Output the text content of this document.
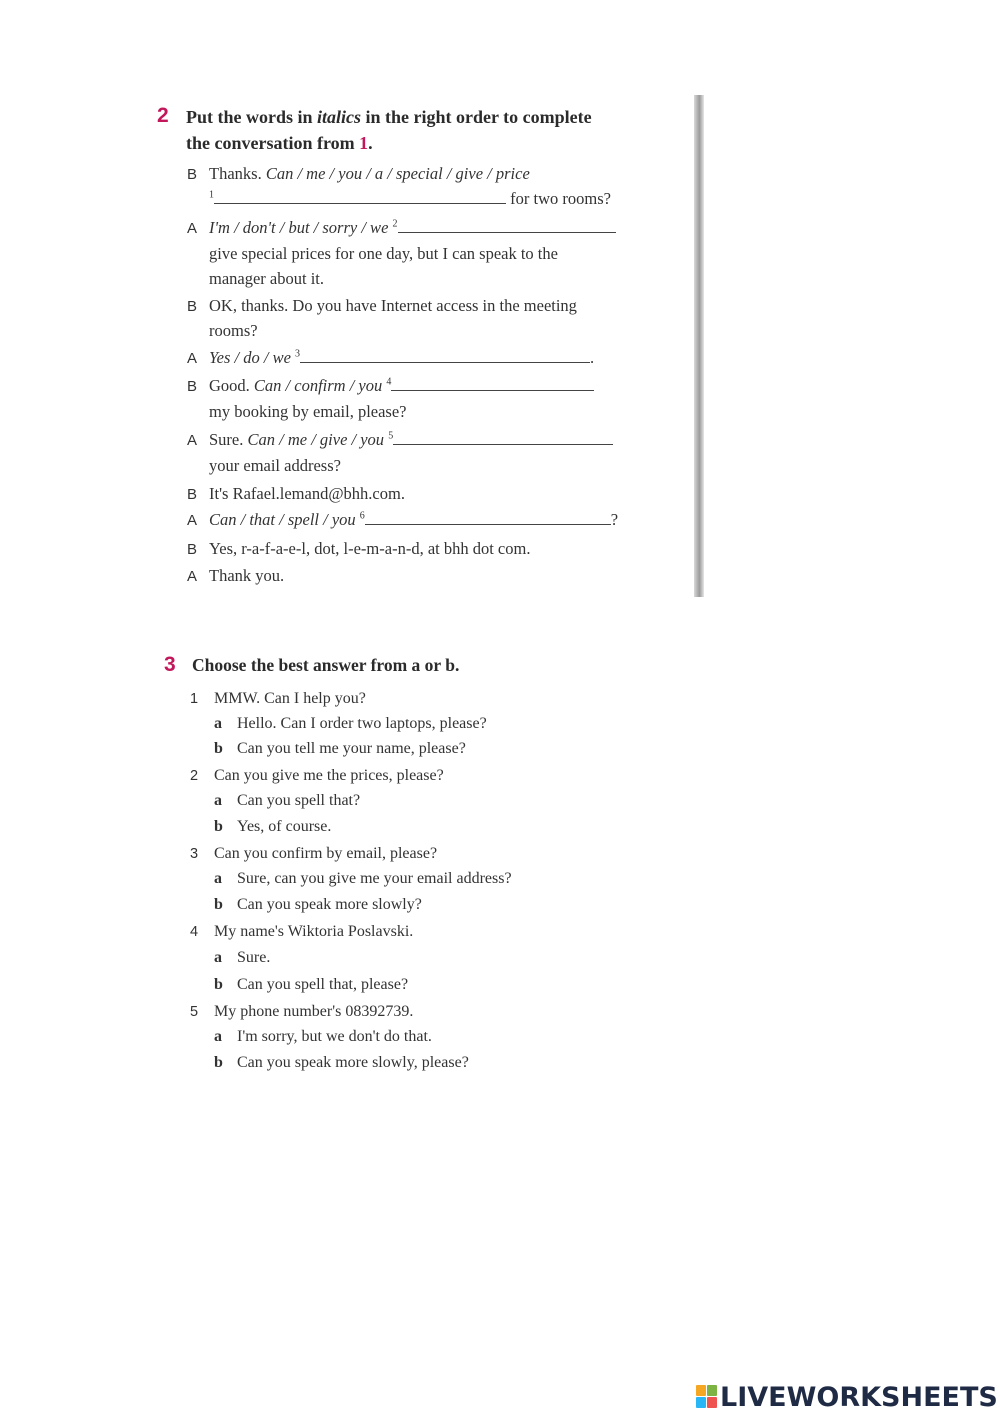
2 Put the words in italics in the right order to complete
the conversation from 1.
B Thanks. Can / me / you / a / special / give / price
$^1$	for two rooms?
A I'm / don't / but / sorry / we $^2$
give special prices for one day, but I can speak to the
manager about it.
B OK, thanks. Do you have Internet access in the meeting
rooms?
A Yes / do / we $^3$	.
B Good. Can / confirm / you $^4$
my booking by email, please?
A Sure. Can / me / give / you $^5$
your email address?
B It's Rafael.lemand@bhh.com.
A Can / that / spell / you $^6$	?
B Yes, r-a-f-a-e-l, dot, l-e-m-a-n-d, at bhh dot com.
A Thank you.
3 Choose the best answer from a or b.
1 MMW. Can I help you?
a Hello. Can I order two laptops, please?
b Can you tell me your name, please?
2 Can you give me the prices, please?
a Can you spell that?
b Yes, of course.
3 Can you confirm by email, please?
a Sure, can you give me your email address?
b Can you speak more slowly?
4 My name's Wiktoria Poslavski.
a Sure.
b Can you spell that, please?
5 My phone number's 08392739.
a I'm sorry, but we don't do that.
b Can you speak more slowly, please?
LIVEWORKSHEETS
